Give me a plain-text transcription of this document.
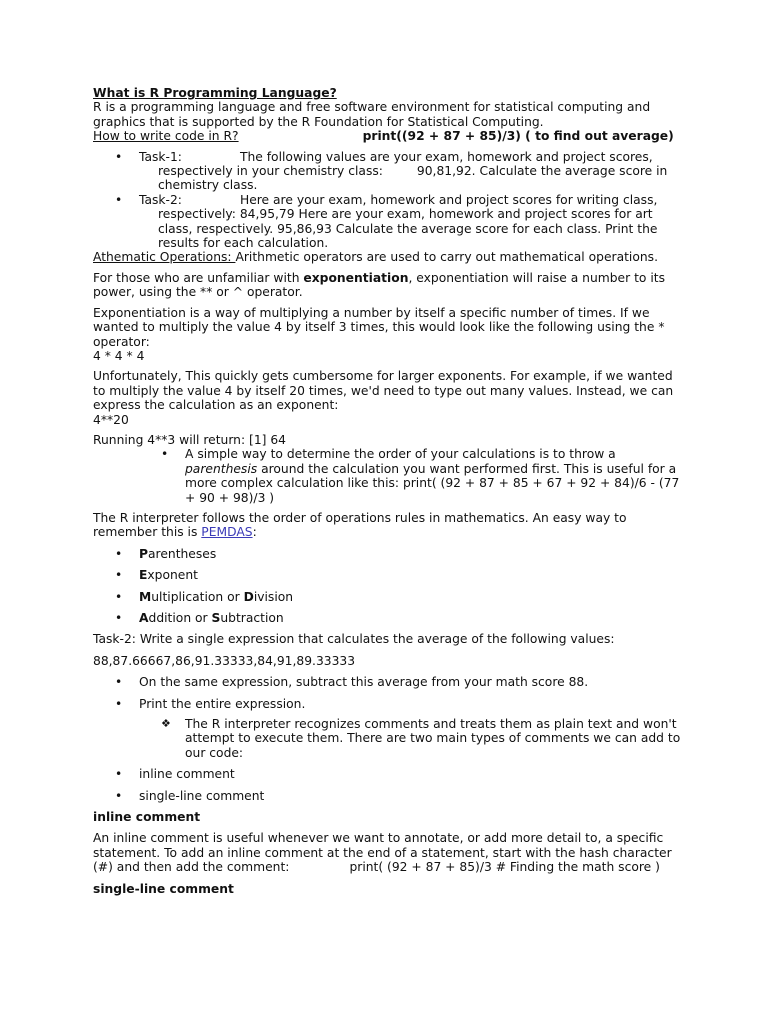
What is R Programming Language?

R is a programming language and free software environment for statistical computing and graphics that is supported by the R Foundation for Statistical Computing.

How to write code in R?	print((92 + 87 + 85)/3) ( to find out average)

• Task-1:	The following values are your exam, homework and project scores, respectively in your chemistry class:	90,81,92. Calculate the average score in chemistry class.

• Task-2:	Here are your exam, homework and project scores for writing class, respectively: 84,95,79 Here are your exam, homework and project scores for art class, respectively. 95,86,93 Calculate the average score for each class. Print the results for each calculation.

Athematic Operations: Arithmetic operators are used to carry out mathematical operations.

For those who are unfamiliar with exponentiation, exponentiation will raise a number to its power, using the ** or ^ operator.

Exponentiation is a way of multiplying a number by itself a specific number of times. If we wanted to multiply the value 4 by itself 3 times, this would look like the following using the * operator:

4 * 4 * 4

Unfortunately, This quickly gets cumbersome for larger exponents. For example, if we wanted to multiply the value 4 by itself 20 times, we'd need to type out many values. Instead, we can express the calculation as an exponent:

4**20

Running 4**3 will return: [1] 64

• A simple way to determine the order of your calculations is to throw a parenthesis around the calculation you want performed first. This is useful for a more complex calculation like this: print( (92 + 87 + 85 + 67 + 92 + 84)/6 - (77 + 90 + 98)/3 )

The R interpreter follows the order of operations rules in mathematics. An easy way to remember this is PEMDAS:

• Parentheses

• Exponent

• Multiplication or Division

• Addition or Subtraction

Task-2: Write a single expression that calculates the average of the following values:

88,87.66667,86,91.33333,84,91,89.33333

• On the same expression, subtract this average from your math score 88.

• Print the entire expression.

❖ The R interpreter recognizes comments and treats them as plain text and won't attempt to execute them. There are two main types of comments we can add to our code:

• inline comment

• single-line comment

inline comment

An inline comment is useful whenever we want to annotate, or add more detail to, a specific statement. To add an inline comment at the end of a statement, start with the hash character (#) and then add the comment:	print( (92 + 87 + 85)/3 # Finding the math score )

single-line comment
